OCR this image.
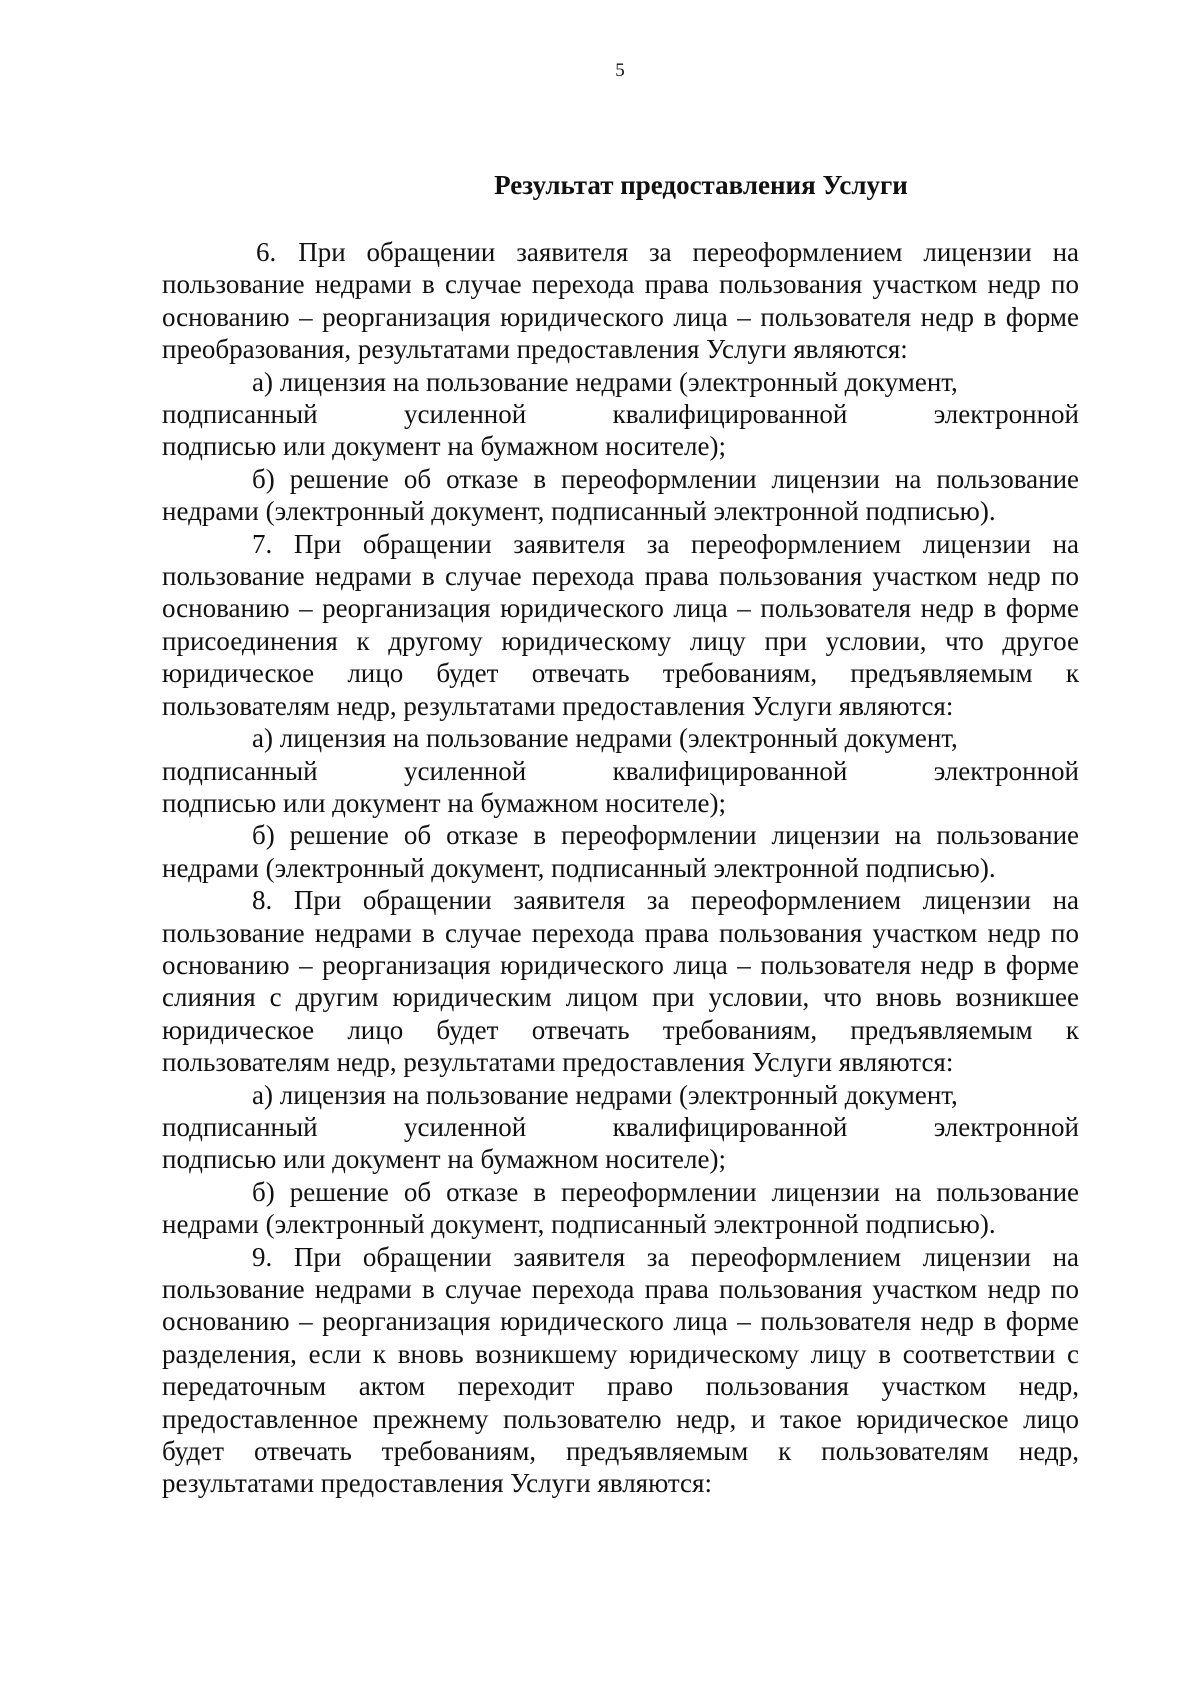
5
Результат предоставления Услуги

6. При обращении заявителя за переоформлением лицензии на пользование недрами в случае перехода права пользования участком недр по основанию – реорганизация юридического лица – пользователя недр в форме преобразования, результатами предоставления Услуги являются:

а) лицензия на пользование недрами (электронный документ,

подписанный	усиленной	квалифицированной	электронной

подписью или документ на бумажном носителе);

б) решение об отказе в переоформлении лицензии на пользование недрами (электронный документ, подписанный электронной подписью).

7. При обращении заявителя за переоформлением лицензии на пользование недрами в случае перехода права пользования участком недр по основанию – реорганизация юридического лица – пользователя недр в форме присоединения к другому юридическому лицу при условии, что другое юридическое лицо будет отвечать требованиям, предъявляемым к пользователям недр, результатами предоставления Услуги являются:

а) лицензия на пользование недрами (электронный документ,

подписанный	усиленной	квалифицированной	электронной

подписью или документ на бумажном носителе);

б) решение об отказе в переоформлении лицензии на пользование недрами (электронный документ, подписанный электронной подписью).

8. При обращении заявителя за переоформлением лицензии на пользование недрами в случае перехода права пользования участком недр по основанию – реорганизация юридического лица – пользователя недр в форме слияния с другим юридическим лицом при условии, что вновь возникшее юридическое лицо будет отвечать требованиям, предъявляемым к пользователям недр, результатами предоставления Услуги являются:

а) лицензия на пользование недрами (электронный документ,

подписанный	усиленной	квалифицированной	электронной

подписью или документ на бумажном носителе);

б) решение об отказе в переоформлении лицензии на пользование недрами (электронный документ, подписанный электронной подписью).

9. При обращении заявителя за переоформлением лицензии на пользование недрами в случае перехода права пользования участком недр по основанию – реорганизация юридического лица – пользователя недр в форме разделения, если к вновь возникшему юридическому лицу в соответствии с передаточным актом переходит право пользования участком недр, предоставленное прежнему пользователю недр, и такое юридическое лицо будет отвечать требованиям, предъявляемым к пользователям недр, результатами предоставления Услуги являются:
